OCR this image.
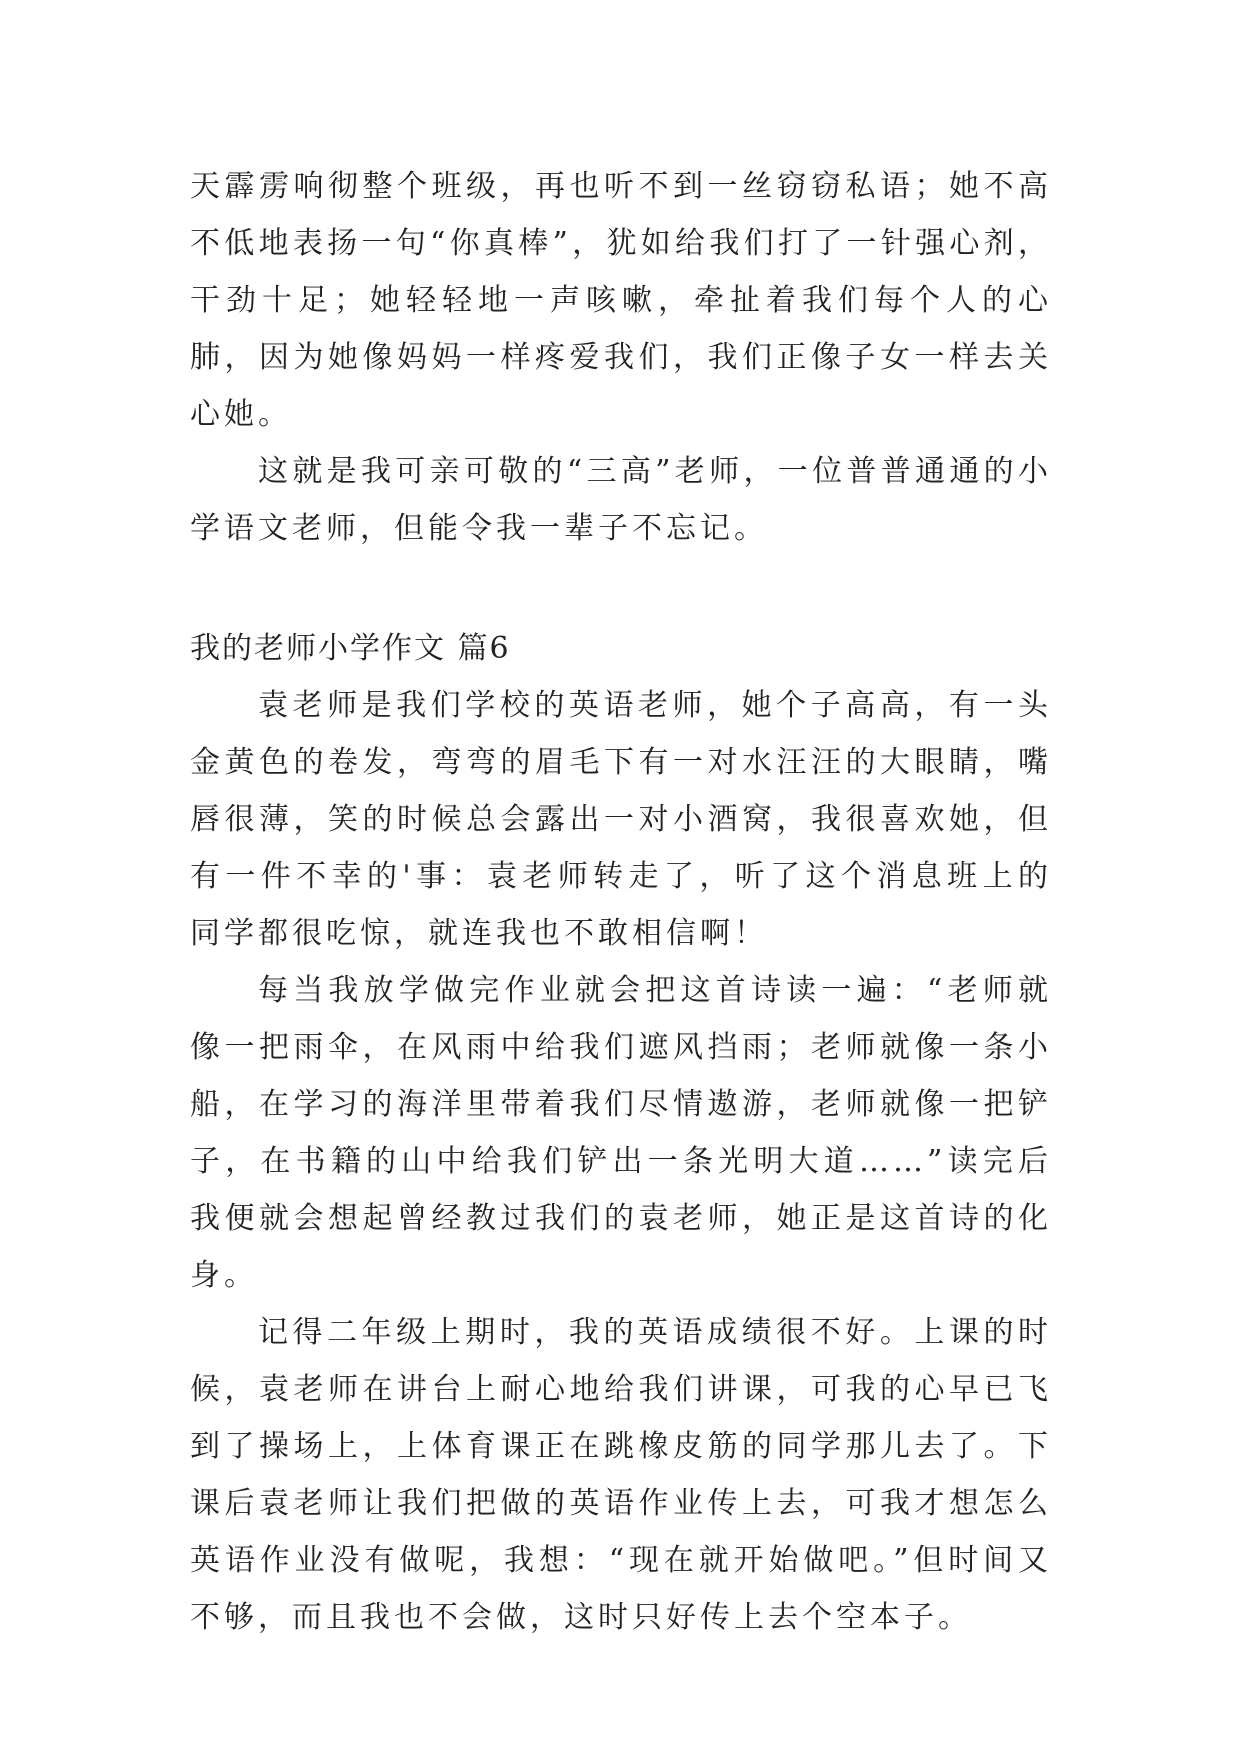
天霹雳响彻整个班级，再也听不到一丝窃窃私语；她不高不低地表扬一句“你真棒”，犹如给我们打了一针强心剂，干劲十足；她轻轻地一声咳嗽，牵扯着我们每个人的心肺，因为她像妈妈一样疼爱我们，我们正像子女一样去关心她。

这就是我可亲可敬的“三高”老师，一位普普通通的小学语文老师，但能令我一辈子不忘记。

我的老师小学作文 篇6

袁老师是我们学校的英语老师，她个子高高，有一头金黄色的卷发，弯弯的眉毛下有一对水汪汪的大眼睛，嘴唇很薄，笑的时候总会露出一对小酒窝，我很喜欢她，但有一件不幸的'事：袁老师转走了，听了这个消息班上的同学都很吃惊，就连我也不敢相信啊！

每当我放学做完作业就会把这首诗读一遍：“老师就像一把雨伞，在风雨中给我们遮风挡雨；老师就像一条小船，在学习的海洋里带着我们尽情遨游，老师就像一把铲子，在书籍的山中给我们铲出一条光明大道……”读完后我便就会想起曾经教过我们的袁老师，她正是这首诗的化身。

记得二年级上期时，我的英语成绩很不好。上课的时候，袁老师在讲台上耐心地给我们讲课，可我的心早已飞到了操场上，上体育课正在跳橡皮筋的同学那儿去了。下课后袁老师让我们把做的英语作业传上去，可我才想怎么英语作业没有做呢，我想：“现在就开始做吧。”但时间又不够，而且我也不会做，这时只好传上去个空本子。
